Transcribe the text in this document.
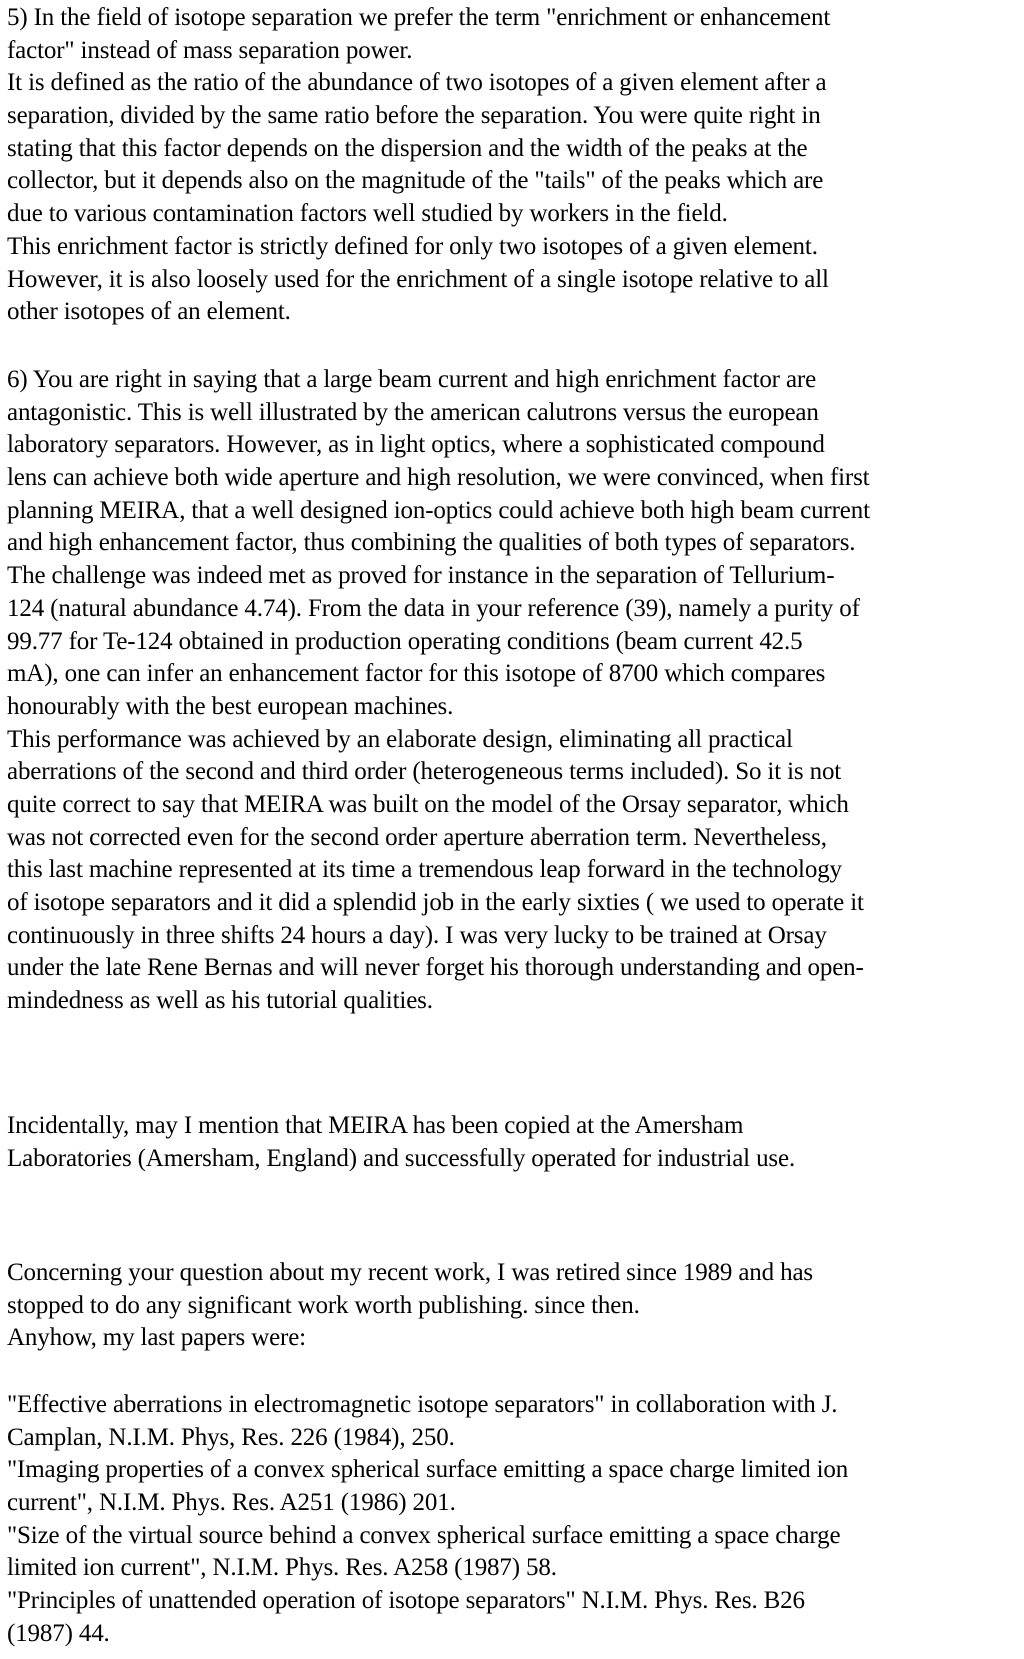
5) In the field of isotope separation we prefer the term "enrichment or enhancement
factor" instead of mass separation power.
It is defined as the ratio of the abundance of two isotopes of a given element after a
separation, divided by the same ratio before the separation. You were quite right in
stating that this factor depends on the dispersion and the width of the peaks at the
collector, but it depends also on the magnitude of the "tails" of the peaks which are
due to various contamination factors well studied by workers in the field.
This enrichment factor is strictly defined for only two isotopes of a given element.
However, it is also loosely used for the enrichment of a single isotope relative to all
other isotopes of an element.
6) You are right in saying that a large beam current and high enrichment factor are
antagonistic. This is well illustrated by the american calutrons versus the european
laboratory separators. However, as in light optics, where a sophisticated compound
lens can achieve both wide aperture and high resolution, we were convinced, when first
planning MEIRA, that a well designed ion-optics could achieve both high beam current
and high enhancement factor, thus combining the qualities of both types of separators.
The challenge was indeed met as proved for instance in the separation of Tellurium-
124 (natural abundance 4.74). From the data in your reference (39), namely a purity of
99.77 for Te-124 obtained in production operating conditions (beam current 42.5
mA), one can infer an enhancement factor for this isotope of 8700 which compares
honourably with the best european machines.
This performance was achieved by an elaborate design, eliminating all practical
aberrations of the second and third order (heterogeneous terms included). So it is not
quite correct to say that MEIRA was built on the model of the Orsay separator, which
was not corrected even for the second order aperture aberration term. Nevertheless,
this last machine represented at its time a tremendous leap forward in the technology
of isotope separators and it did a splendid job in the early sixties ( we used to operate it
continuously in three shifts 24 hours a day). I was very lucky to be trained at Orsay
under the late Rene Bernas and will never forget his thorough understanding and open-
mindedness as well as his tutorial qualities.
Incidentally, may I mention that MEIRA has been copied at the Amersham
Laboratories (Amersham, England) and successfully operated for industrial use.
Concerning your question about my recent work, I was retired since 1989 and has
stopped to do any significant work worth publishing. since then.
Anyhow, my last papers were:
"Effective aberrations in electromagnetic isotope separators" in collaboration with J.
Camplan, N.I.M. Phys, Res. 226 (1984), 250.
"Imaging properties of a convex spherical surface emitting a space charge limited ion
current", N.I.M. Phys. Res. A251 (1986) 201.
"Size of the virtual source behind a convex spherical surface emitting a space charge
limited ion current", N.I.M. Phys. Res. A258 (1987) 58.
"Principles of unattended operation of isotope separators" N.I.M. Phys. Res. B26
(1987) 44.
